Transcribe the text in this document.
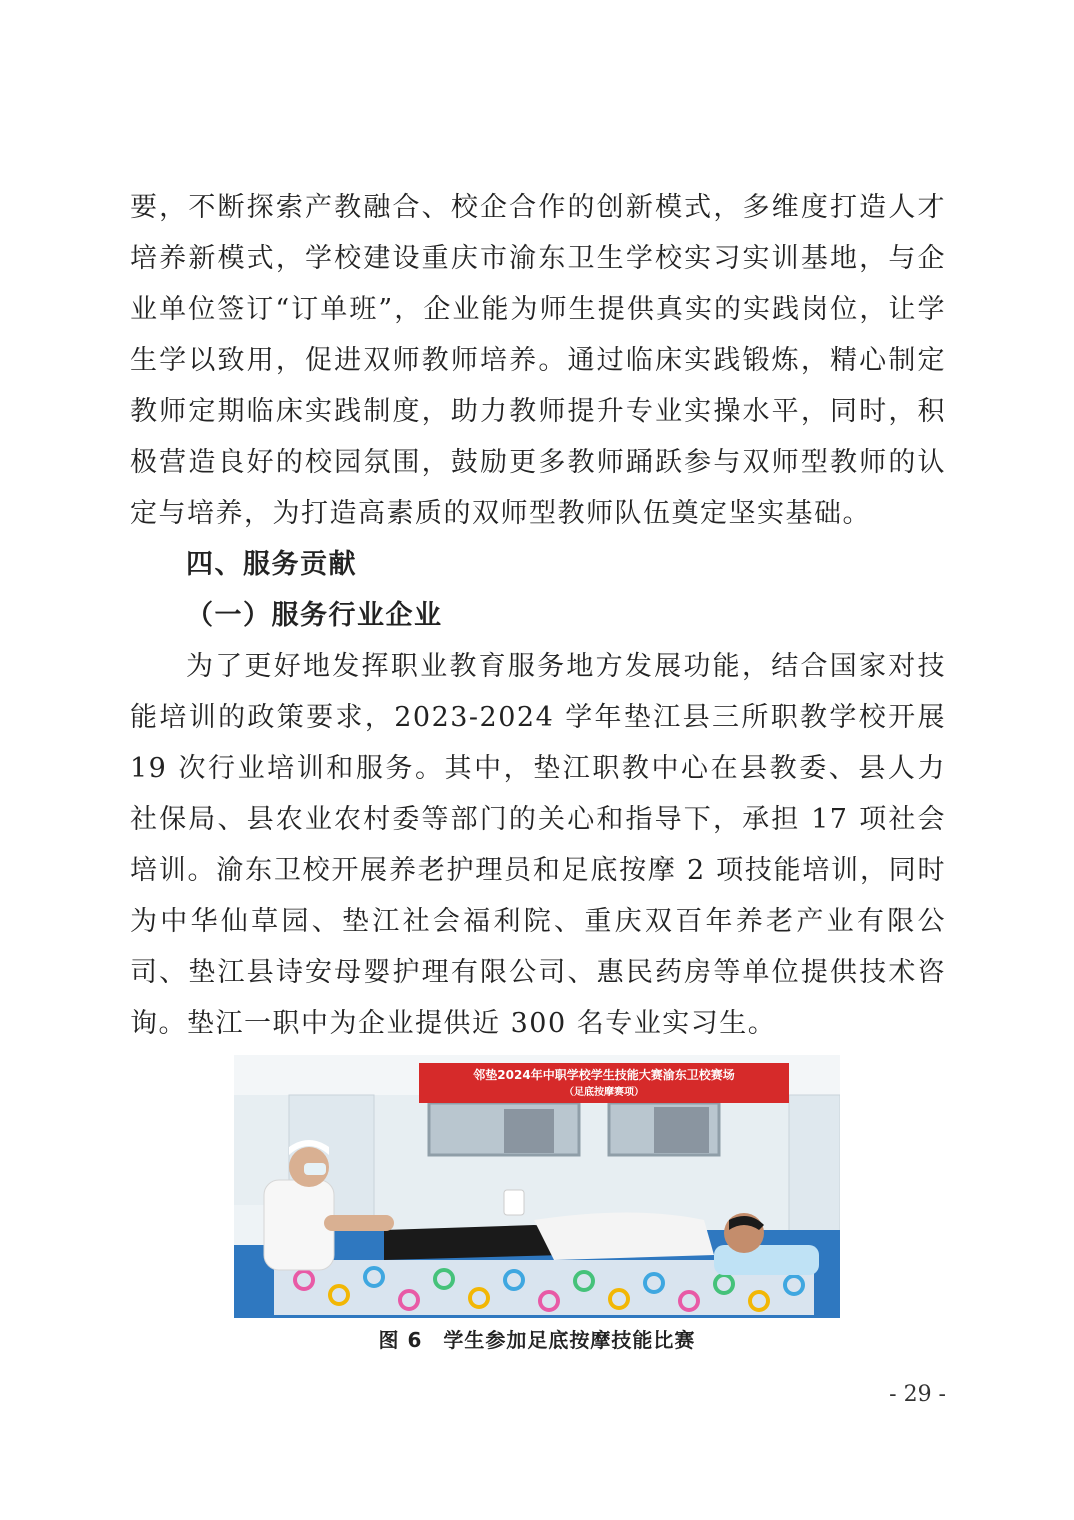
要，不断探索产教融合、校企合作的创新模式，多维度打造人才培养新模式，学校建设重庆市渝东卫生学校实习实训基地，与企业单位签订“订单班”，企业能为师生提供真实的实践岗位，让学生学以致用，促进双师教师培养。通过临床实践锻炼，精心制定教师定期临床实践制度，助力教师提升专业实操水平，同时，积极营造良好的校园氛围，鼓励更多教师踊跃参与双师型教师的认定与培养，为打造高素质的双师型教师队伍奠定坚实基础。

四、服务贡献

（一）服务行业企业

为了更好地发挥职业教育服务地方发展功能，结合国家对技能培训的政策要求，2023-2024 学年垫江县三所职教学校开展 19 次行业培训和服务。其中，垫江职教中心在县教委、县人力社保局、县农业农村委等部门的关心和指导下，承担 17 项社会培训。渝东卫校开展养老护理员和足底按摩 2 项技能培训，同时为中华仙草园、垫江社会福利院、重庆双百年养老产业有限公司、垫江县诗安母婴护理有限公司、惠民药房等单位提供技术咨询。垫江一职中为企业提供近 300 名专业实习生。

邻垫2024年中职学校学生技能大赛渝东卫校赛场
（足底按摩赛项）
图 6　学生参加足底按摩技能比赛
- 29 -
